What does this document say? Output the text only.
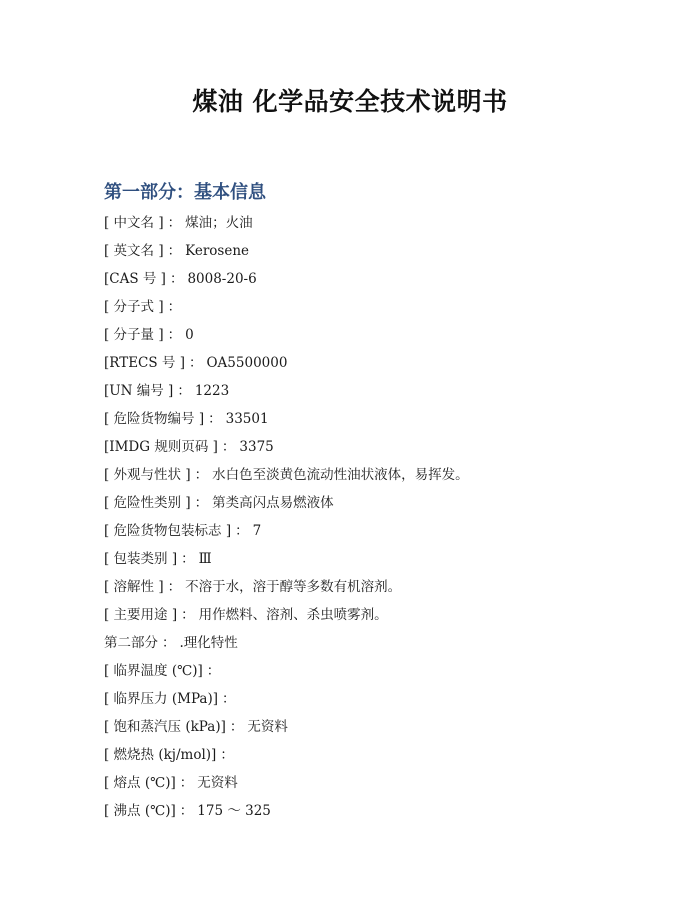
煤油 化学品安全技术说明书
第一部分：基本信息
[ 中文名 ] ： 煤油；火油
[ 英文名 ] ： Kerosene
[CAS 号 ] ： 8008-20-6
[ 分子式 ] ：
[ 分子量 ] ： 0
[RTECS 号 ] ： OA5500000
[UN 编号 ] ： 1223
[ 危险货物编号 ] ： 33501
[IMDG 规则页码 ] ： 3375
[ 外观与性状 ] ： 水白色至淡黄色流动性油状液体，易挥发。
[ 危险性类别 ] ： 第类高闪点易燃液体
[ 危险货物包装标志 ] ： 7
[ 包装类别 ] ： Ⅲ
[ 溶解性 ] ： 不溶于水，溶于醇等多数有机溶剂。
[ 主要用途 ] ： 用作燃料、溶剂、杀虫喷雾剂。
第二部分 ： .理化特性
[ 临界温度 (℃)] ：
[ 临界压力 (MPa)] ：
[ 饱和蒸汽压 (kPa)] ： 无资料
[ 燃烧热 (kj/mol)] ：
[ 熔点 (℃)] ： 无资料
[ 沸点 (℃)] ： 175 ～ 325
